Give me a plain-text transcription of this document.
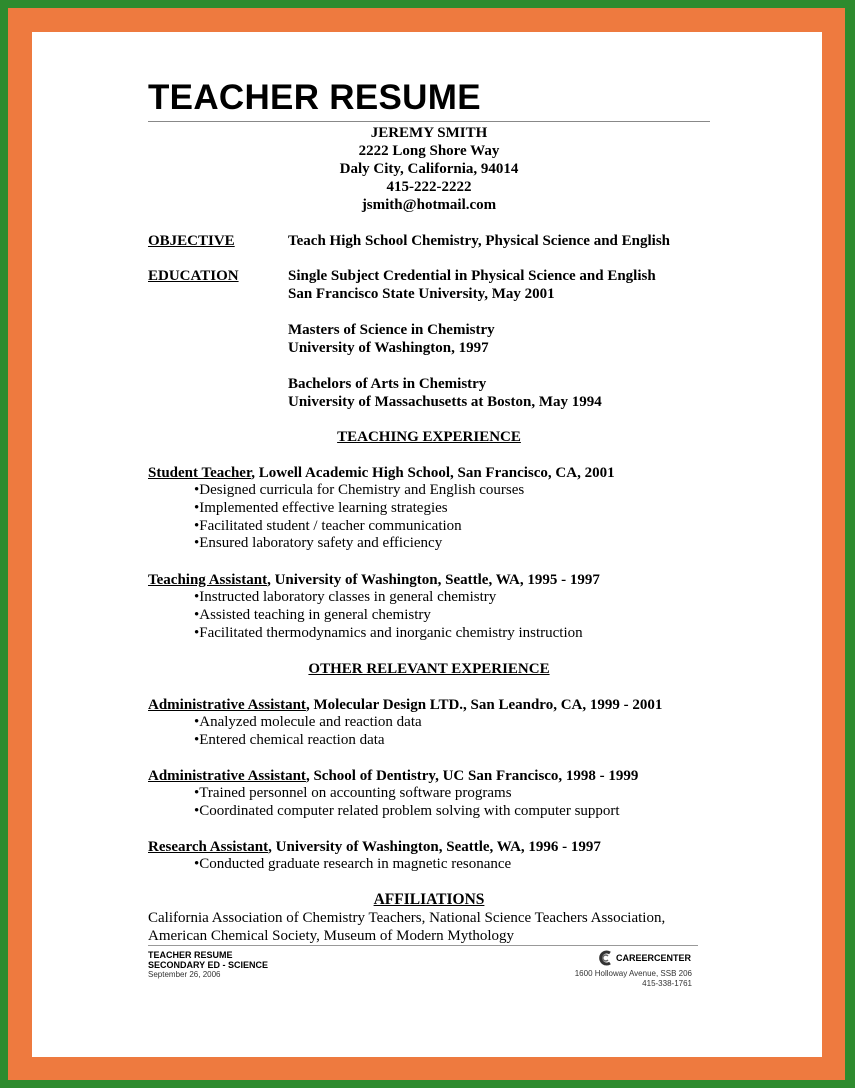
TEACHER RESUME
JEREMY SMITH
2222 Long Shore Way
Daly City, California, 94014
415-222-2222
jsmith@hotmail.com
OBJECTIVE	Teach High School Chemistry, Physical Science and English
EDUCATION	Single Subject Credential in Physical Science and English
San Francisco State University, May 2001
Masters of Science in Chemistry
University of Washington, 1997
Bachelors of Arts in Chemistry
University of Massachusetts at Boston, May 1994
TEACHING EXPERIENCE
Student Teacher, Lowell Academic High School, San Francisco, CA, 2001
• Designed curricula for Chemistry and English courses
• Implemented effective learning strategies
• Facilitated student / teacher communication
• Ensured laboratory safety and efficiency
Teaching Assistant, University of Washington, Seattle, WA, 1995 - 1997
• Instructed laboratory classes in general chemistry
• Assisted teaching in general chemistry
• Facilitated thermodynamics and inorganic chemistry instruction
OTHER RELEVANT EXPERIENCE
Administrative Assistant, Molecular Design LTD., San Leandro, CA, 1999 - 2001
• Analyzed molecule and reaction data
• Entered chemical reaction data
Administrative Assistant, School of Dentistry, UC San Francisco, 1998 - 1999
• Trained personnel on accounting software programs
• Coordinated computer related problem solving with computer support
Research Assistant, University of Washington, Seattle, WA, 1996 - 1997
• Conducted graduate research in magnetic resonance
AFFILIATIONS
California Association of Chemistry Teachers, National Science Teachers Association,
American Chemical Society, Museum of Modern Mythology
TEACHER RESUME
SECONDARY ED - SCIENCE
September 26, 2006
CAREERCENTER
1600 Holloway Avenue, SSB 206
415-338-1761
